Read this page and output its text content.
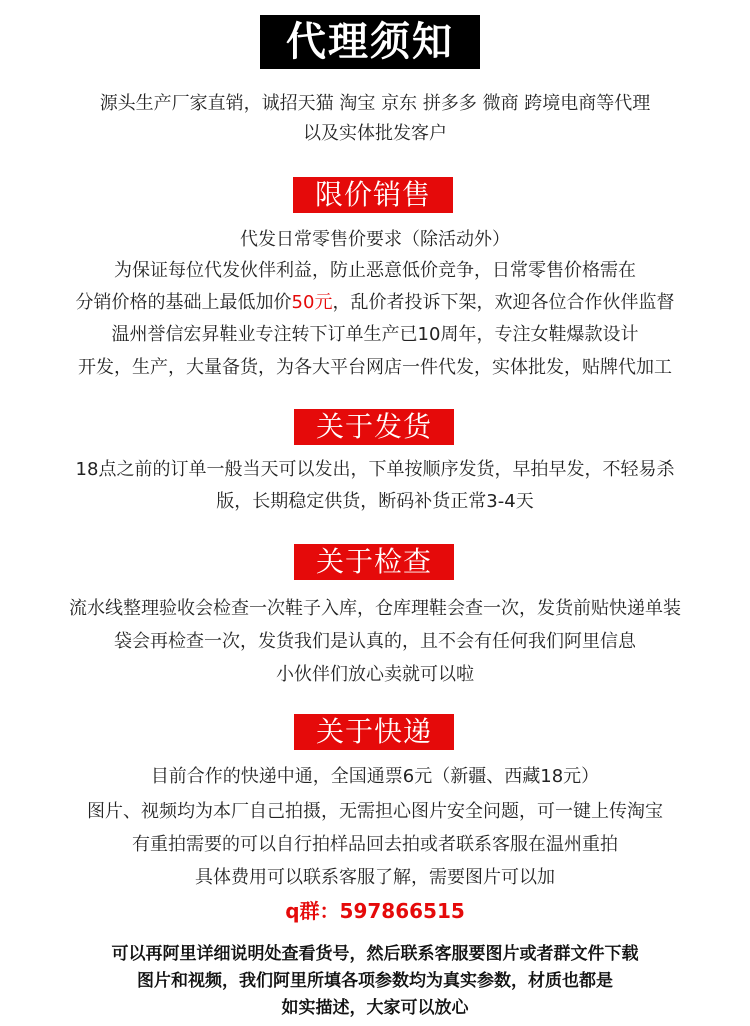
代理须知
源头生产厂家直销，诚招天猫 淘宝 京东 拼多多 微商 跨境电商等代理
以及实体批发客户
限价销售
代发日常零售价要求（除活动外）
为保证每位代发伙伴利益，防止恶意低价竞争，日常零售价格需在
分销价格的基础上最低加价50元，乱价者投诉下架，欢迎各位合作伙伴监督
温州誉信宏昇鞋业专注转下订单生产已10周年，专注女鞋爆款设计
开发，生产，大量备货，为各大平台网店一件代发，实体批发，贴牌代加工
关于发货
18点之前的订单一般当天可以发出，下单按顺序发货，早拍早发，不轻易杀
版，长期稳定供货，断码补货正常3-4天
关于检查
流水线整理验收会检查一次鞋子入库，仓库理鞋会查一次，发货前贴快递单装
袋会再检查一次，发货我们是认真的，且不会有任何我们阿里信息
小伙伴们放心卖就可以啦
关于快递
目前合作的快递中通，全国通票6元（新疆、西藏18元）
图片、视频均为本厂自己拍摄，无需担心图片安全问题，可一键上传淘宝
有重拍需要的可以自行拍样品回去拍或者联系客服在温州重拍
具体费用可以联系客服了解，需要图片可以加
q群：597866515
可以再阿里详细说明处查看货号，然后联系客服要图片或者群文件下载
图片和视频，我们阿里所填各项参数均为真实参数，材质也都是
如实描述，大家可以放心
